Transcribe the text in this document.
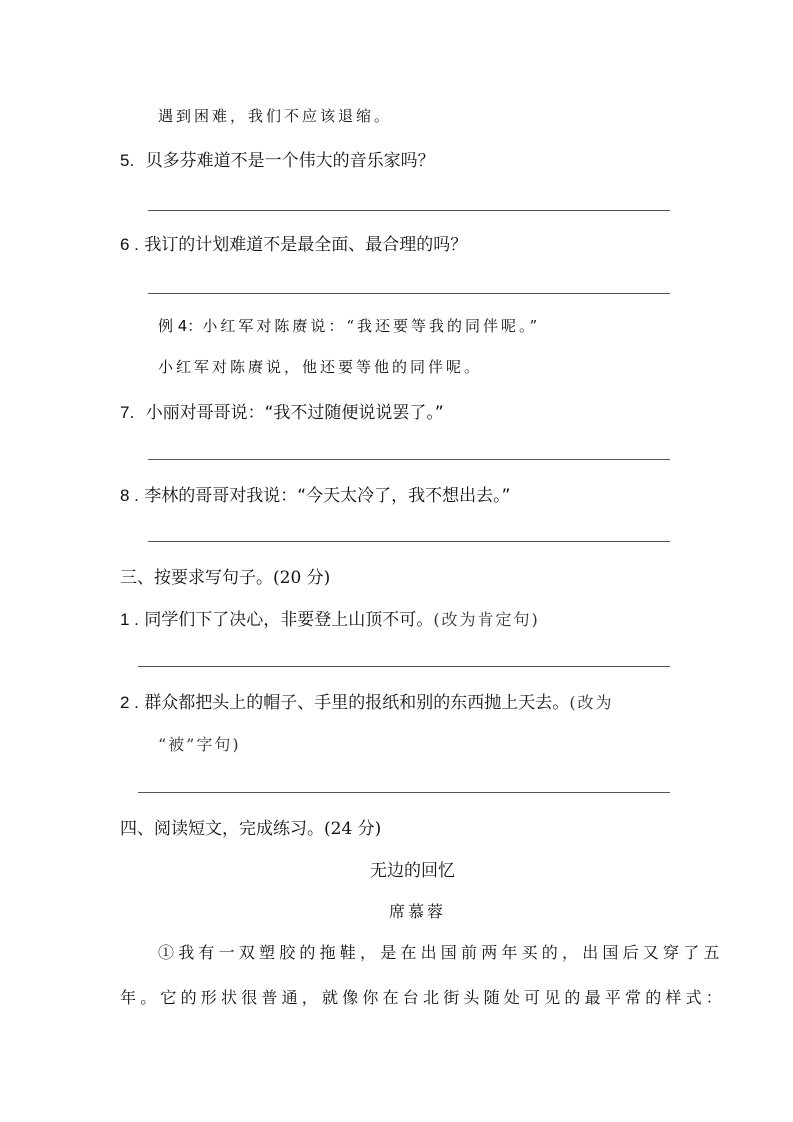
遇到困难，我们不应该退缩。
5. 贝多芬难道不是一个伟大的音乐家吗？
6 . 我订的计划难道不是最全面、最合理的吗？
例 4：小红军对陈赓说：“我还要等我的同伴呢。”
小红军对陈赓说，他还要等他的同伴呢。
7. 小丽对哥哥说：“我不过随便说说罢了。”
8 . 李林的哥哥对我说：“今天太冷了，我不想出去。”
三、按要求写句子。(20 分)
1 . 同学们下了决心，非要登上山顶不可。(改为肯定句)
2 . 群众都把头上的帽子、手里的报纸和别的东西抛上天去。(改为
“被”字句)
四、阅读短文，完成练习。(24 分)
无边的回忆
席慕蓉
①我有一双塑胶的拖鞋，是在出国前两年买的，出国后又穿了五
年。它的形状很普通，就像你在台北街头随处可见的最平常的样式：
